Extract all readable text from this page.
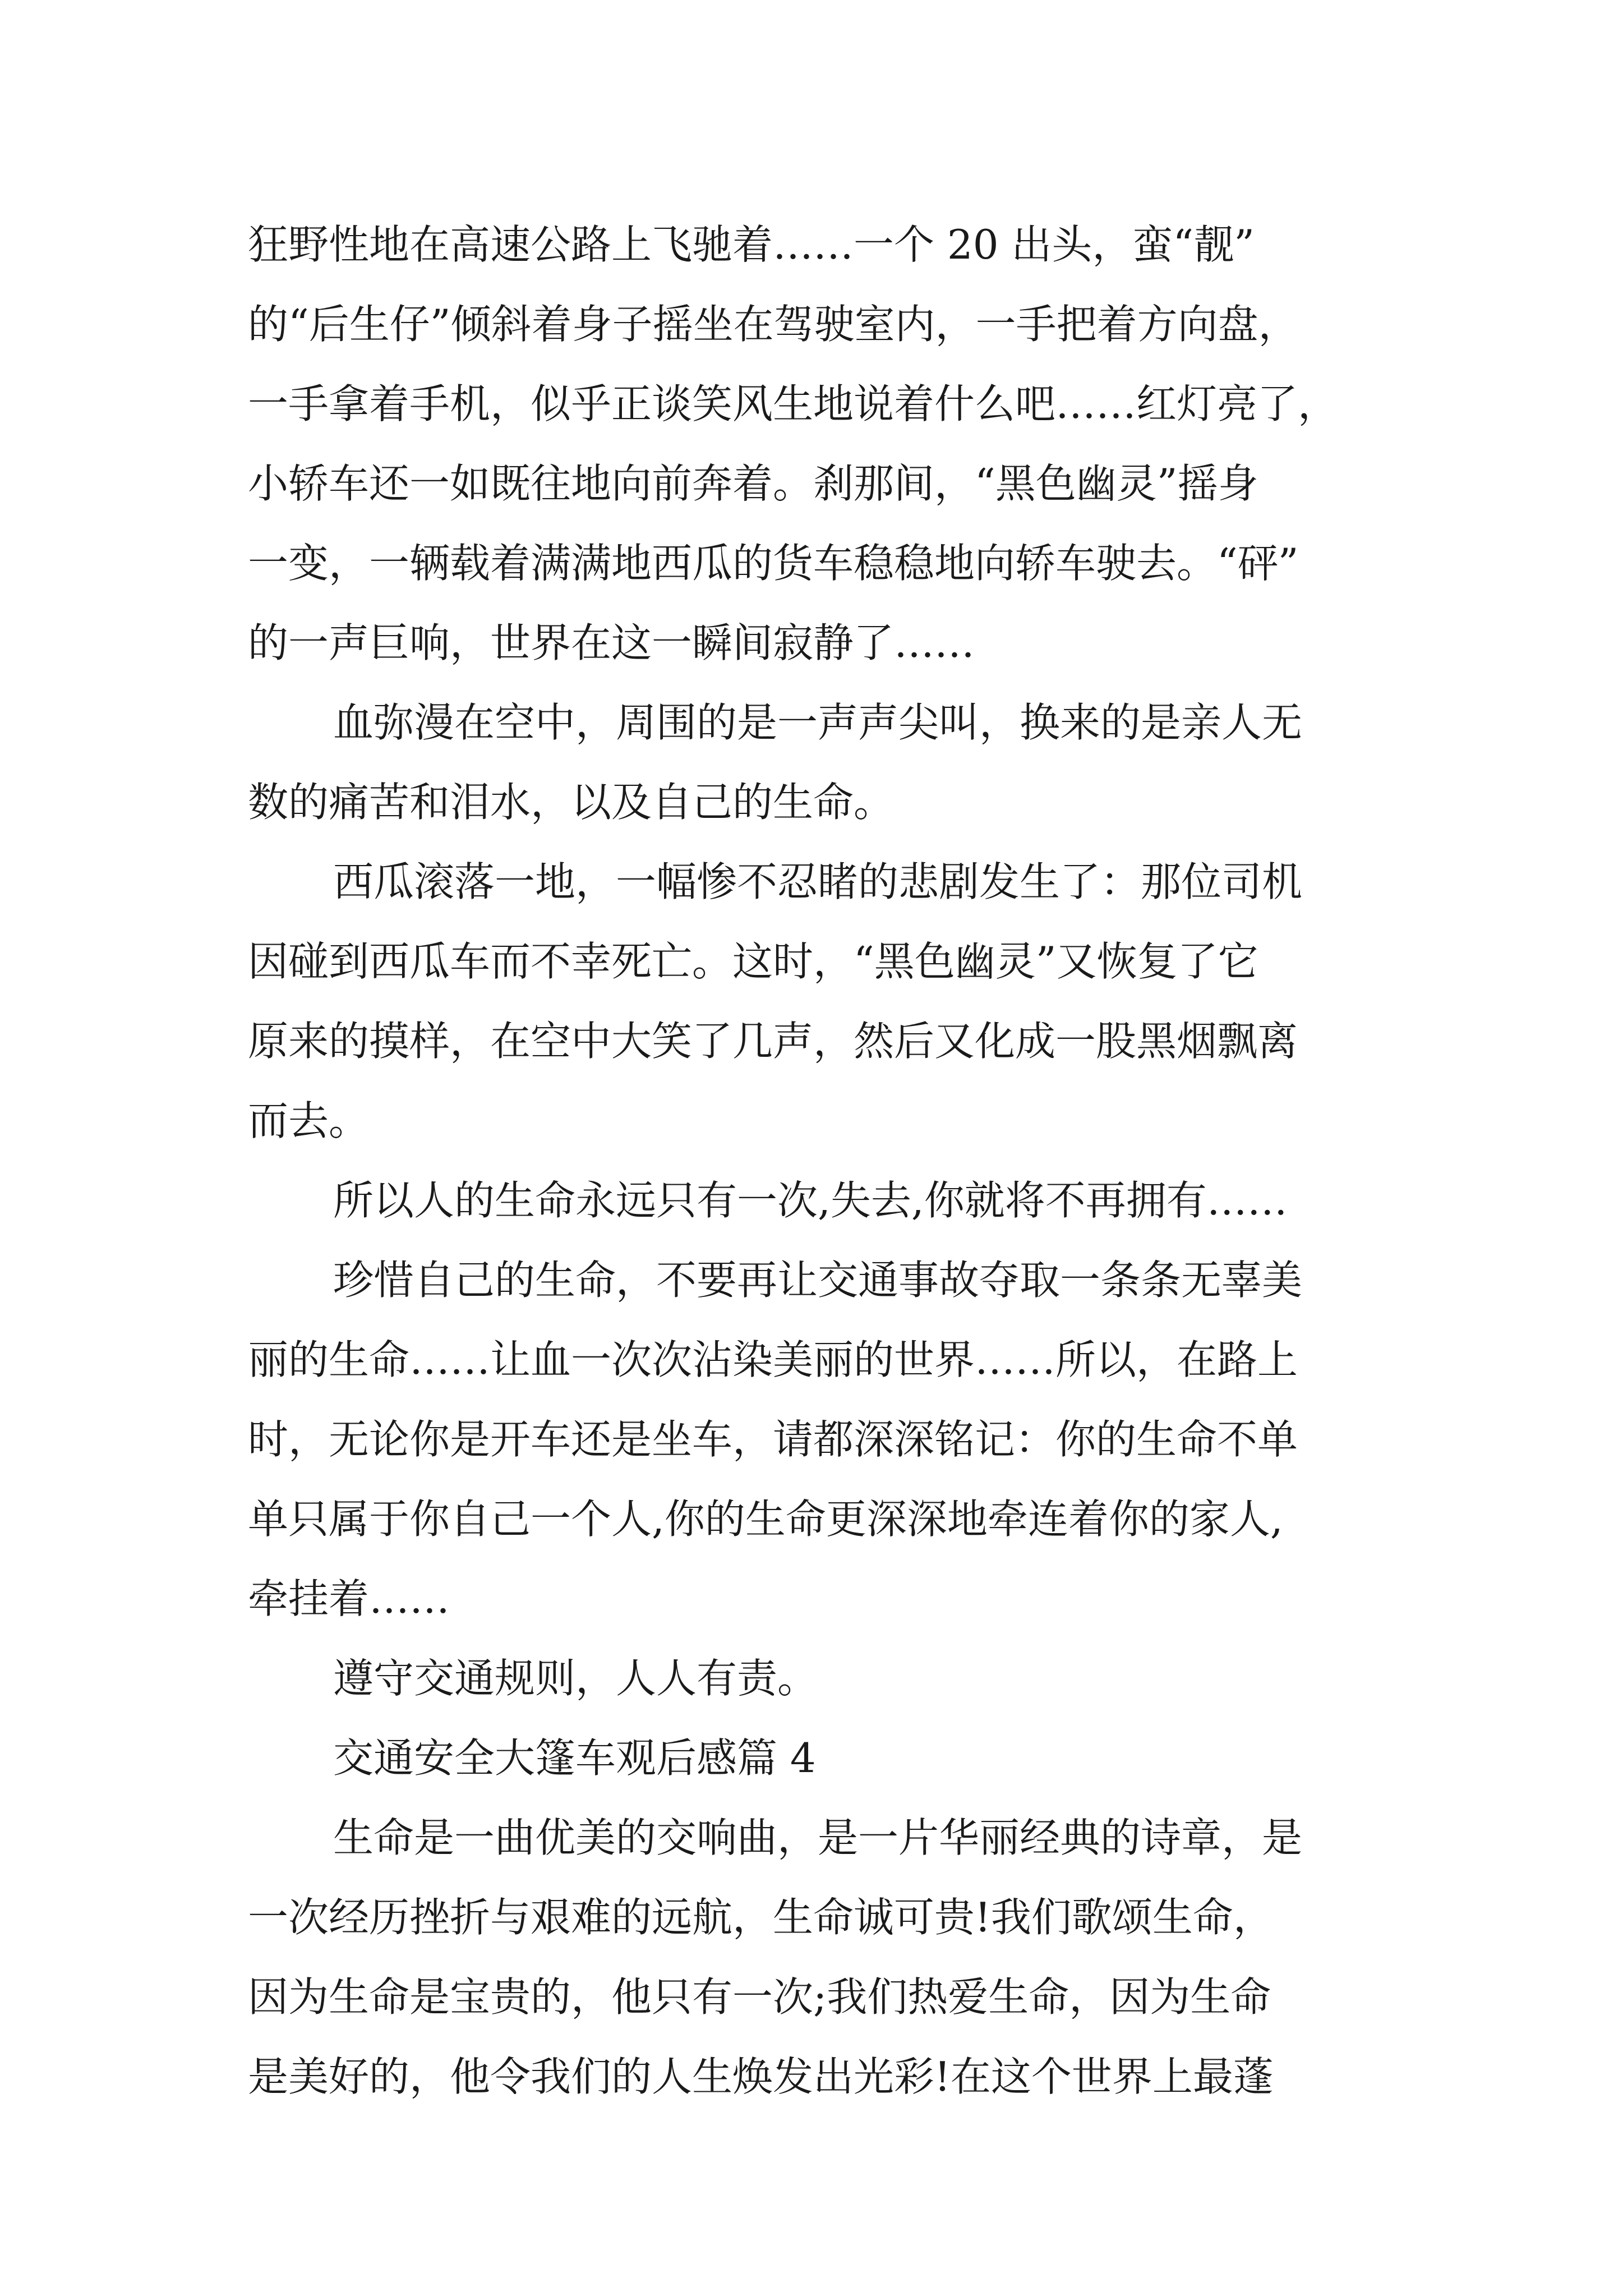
狂野性地在高速公路上飞驰着……一个 20 出头，蛮“靓”
的“后生仔”倾斜着身子摇坐在驾驶室内，一手把着方向盘，
一手拿着手机，似乎正谈笑风生地说着什么吧……红灯亮了，
小轿车还一如既往地向前奔着。刹那间，“黑色幽灵”摇身
一变，一辆载着满满地西瓜的货车稳稳地向轿车驶去。“砰”
的一声巨响，世界在这一瞬间寂静了……
血弥漫在空中，周围的是一声声尖叫，换来的是亲人无
数的痛苦和泪水，以及自己的生命。
西瓜滚落一地，一幅惨不忍睹的悲剧发生了：那位司机
因碰到西瓜车而不幸死亡。这时，“黑色幽灵”又恢复了它
原来的摸样，在空中大笑了几声，然后又化成一股黑烟飘离
而去。
所以人的生命永远只有一次,失去,你就将不再拥有……
珍惜自己的生命，不要再让交通事故夺取一条条无辜美
丽的生命……让血一次次沾染美丽的世界……所以，在路上
时，无论你是开车还是坐车，请都深深铭记：你的生命不单
单只属于你自己一个人,你的生命更深深地牵连着你的家人,
牵挂着……
遵守交通规则，人人有责。
交通安全大篷车观后感篇 4
生命是一曲优美的交响曲，是一片华丽经典的诗章，是
一次经历挫折与艰难的远航，生命诚可贵!我们歌颂生命，
因为生命是宝贵的，他只有一次;我们热爱生命，因为生命
是美好的，他令我们的人生焕发出光彩!在这个世界上最蓬
